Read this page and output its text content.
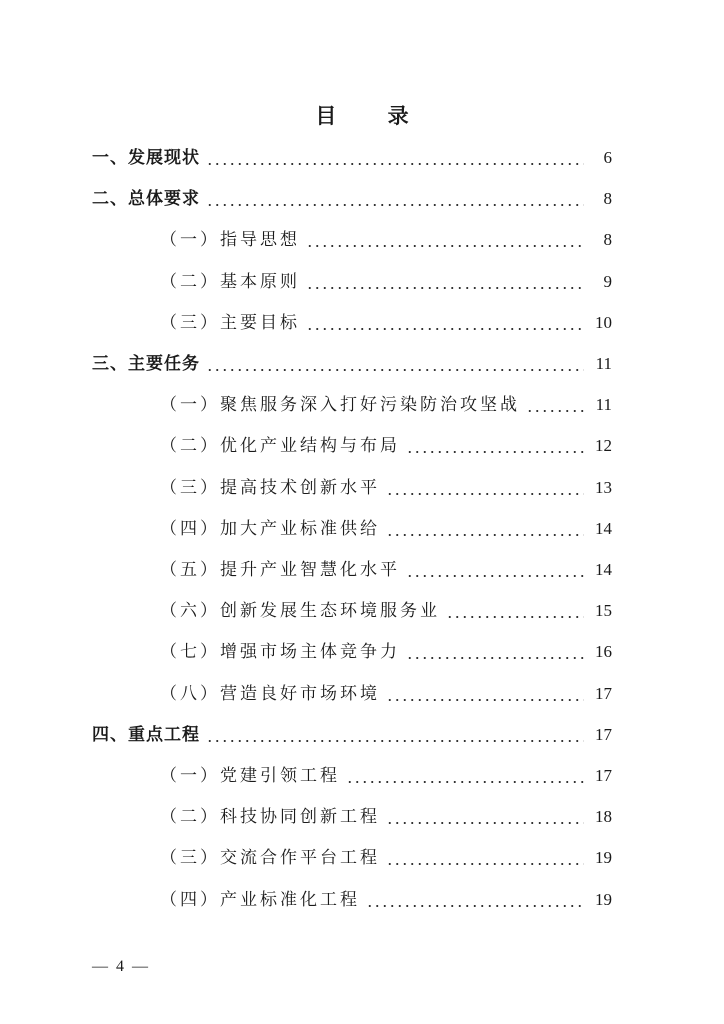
目 录
一、发展现状	6
二、总体要求	8
（一）指导思想	8
（二）基本原则	9
（三）主要目标	10
三、主要任务	11
（一）聚焦服务深入打好污染防治攻坚战	11
（二）优化产业结构与布局	12
（三）提高技术创新水平	13
（四）加大产业标准供给	14
（五）提升产业智慧化水平	14
（六）创新发展生态环境服务业	15
（七）增强市场主体竞争力	16
（八）营造良好市场环境	17
四、重点工程	17
（一）党建引领工程	17
（二）科技协同创新工程	18
（三）交流合作平台工程	19
（四）产业标准化工程	19
— 4 —
